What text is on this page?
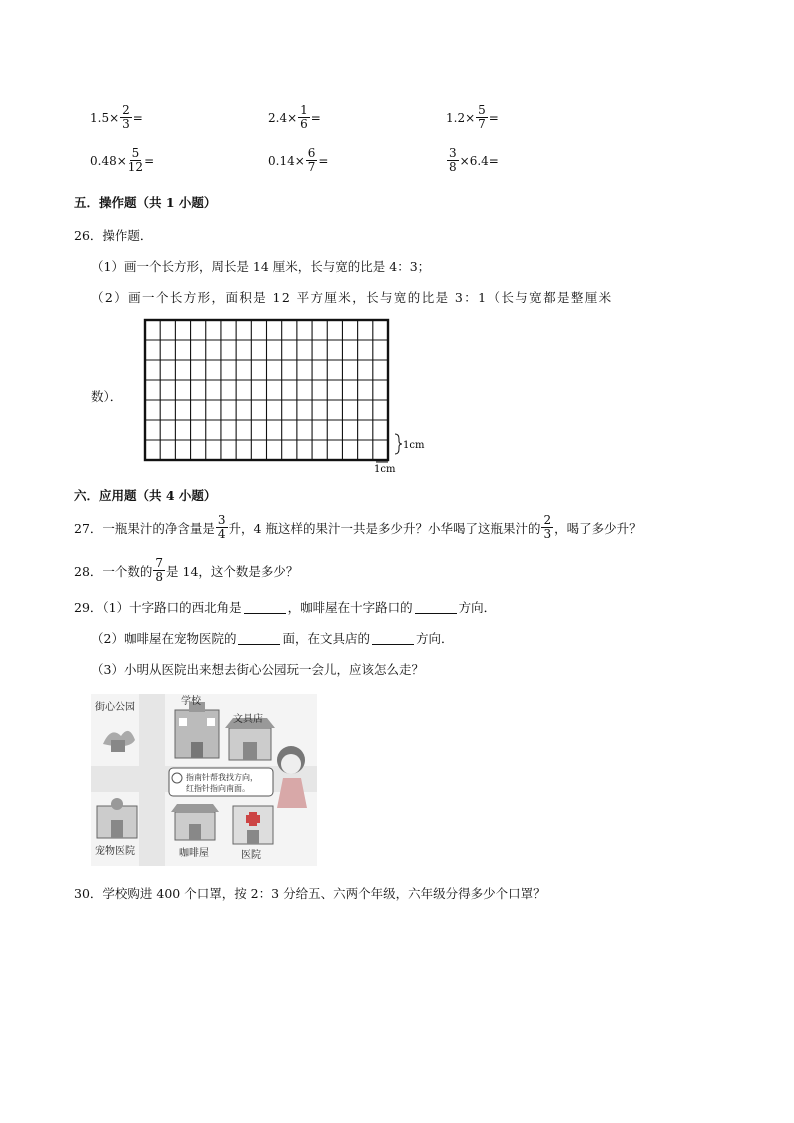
$1.5\times \frac{2}{3}$ =	$2.4\times \frac{1}{6}$ =	$1.2\times \frac{5}{7}$ =
$0.48\times \frac{5}{12}$ =	$0.14\times \frac{6}{7}$ =	$\frac{3}{8} \times 6.4=$
五．操作题（共 1 小题）
26．操作题．
（1）画一个长方形，周长是 14 厘米，长与宽的比是 4：3；
（2）画一个长方形，面积是 12 平方厘米，长与宽的比是 3：1（长与宽都是整厘米
数）．
1cm
1cm
六．应用题（共 4 小题）
27．一瓶果汁的净含量是 $\frac{3}{4}$ 升，4 瓶这样的果汁一共是多少升？小华喝了这瓶果汁的 $\frac{2}{3}$ ，喝了多少升？
28．一个数的 $\frac{7}{8}$ 是 14，这个数是多少？
29．（1）十字路口的西北角是	，咖啡屋在十字路口的	方向．
（2）咖啡屋在宠物医院的	面，在文具店的	方向．
（3）小明从医院出来想去街心公园玩一会儿，应该怎么走？
街心公园
学校
文具店
指南针帮我找方向，
红指针指向南面。
宠物医院	咖啡屋	医院
30．学校购进 400 个口罩，按 2：3 分给五、六两个年级，六年级分得多少个口罩？
